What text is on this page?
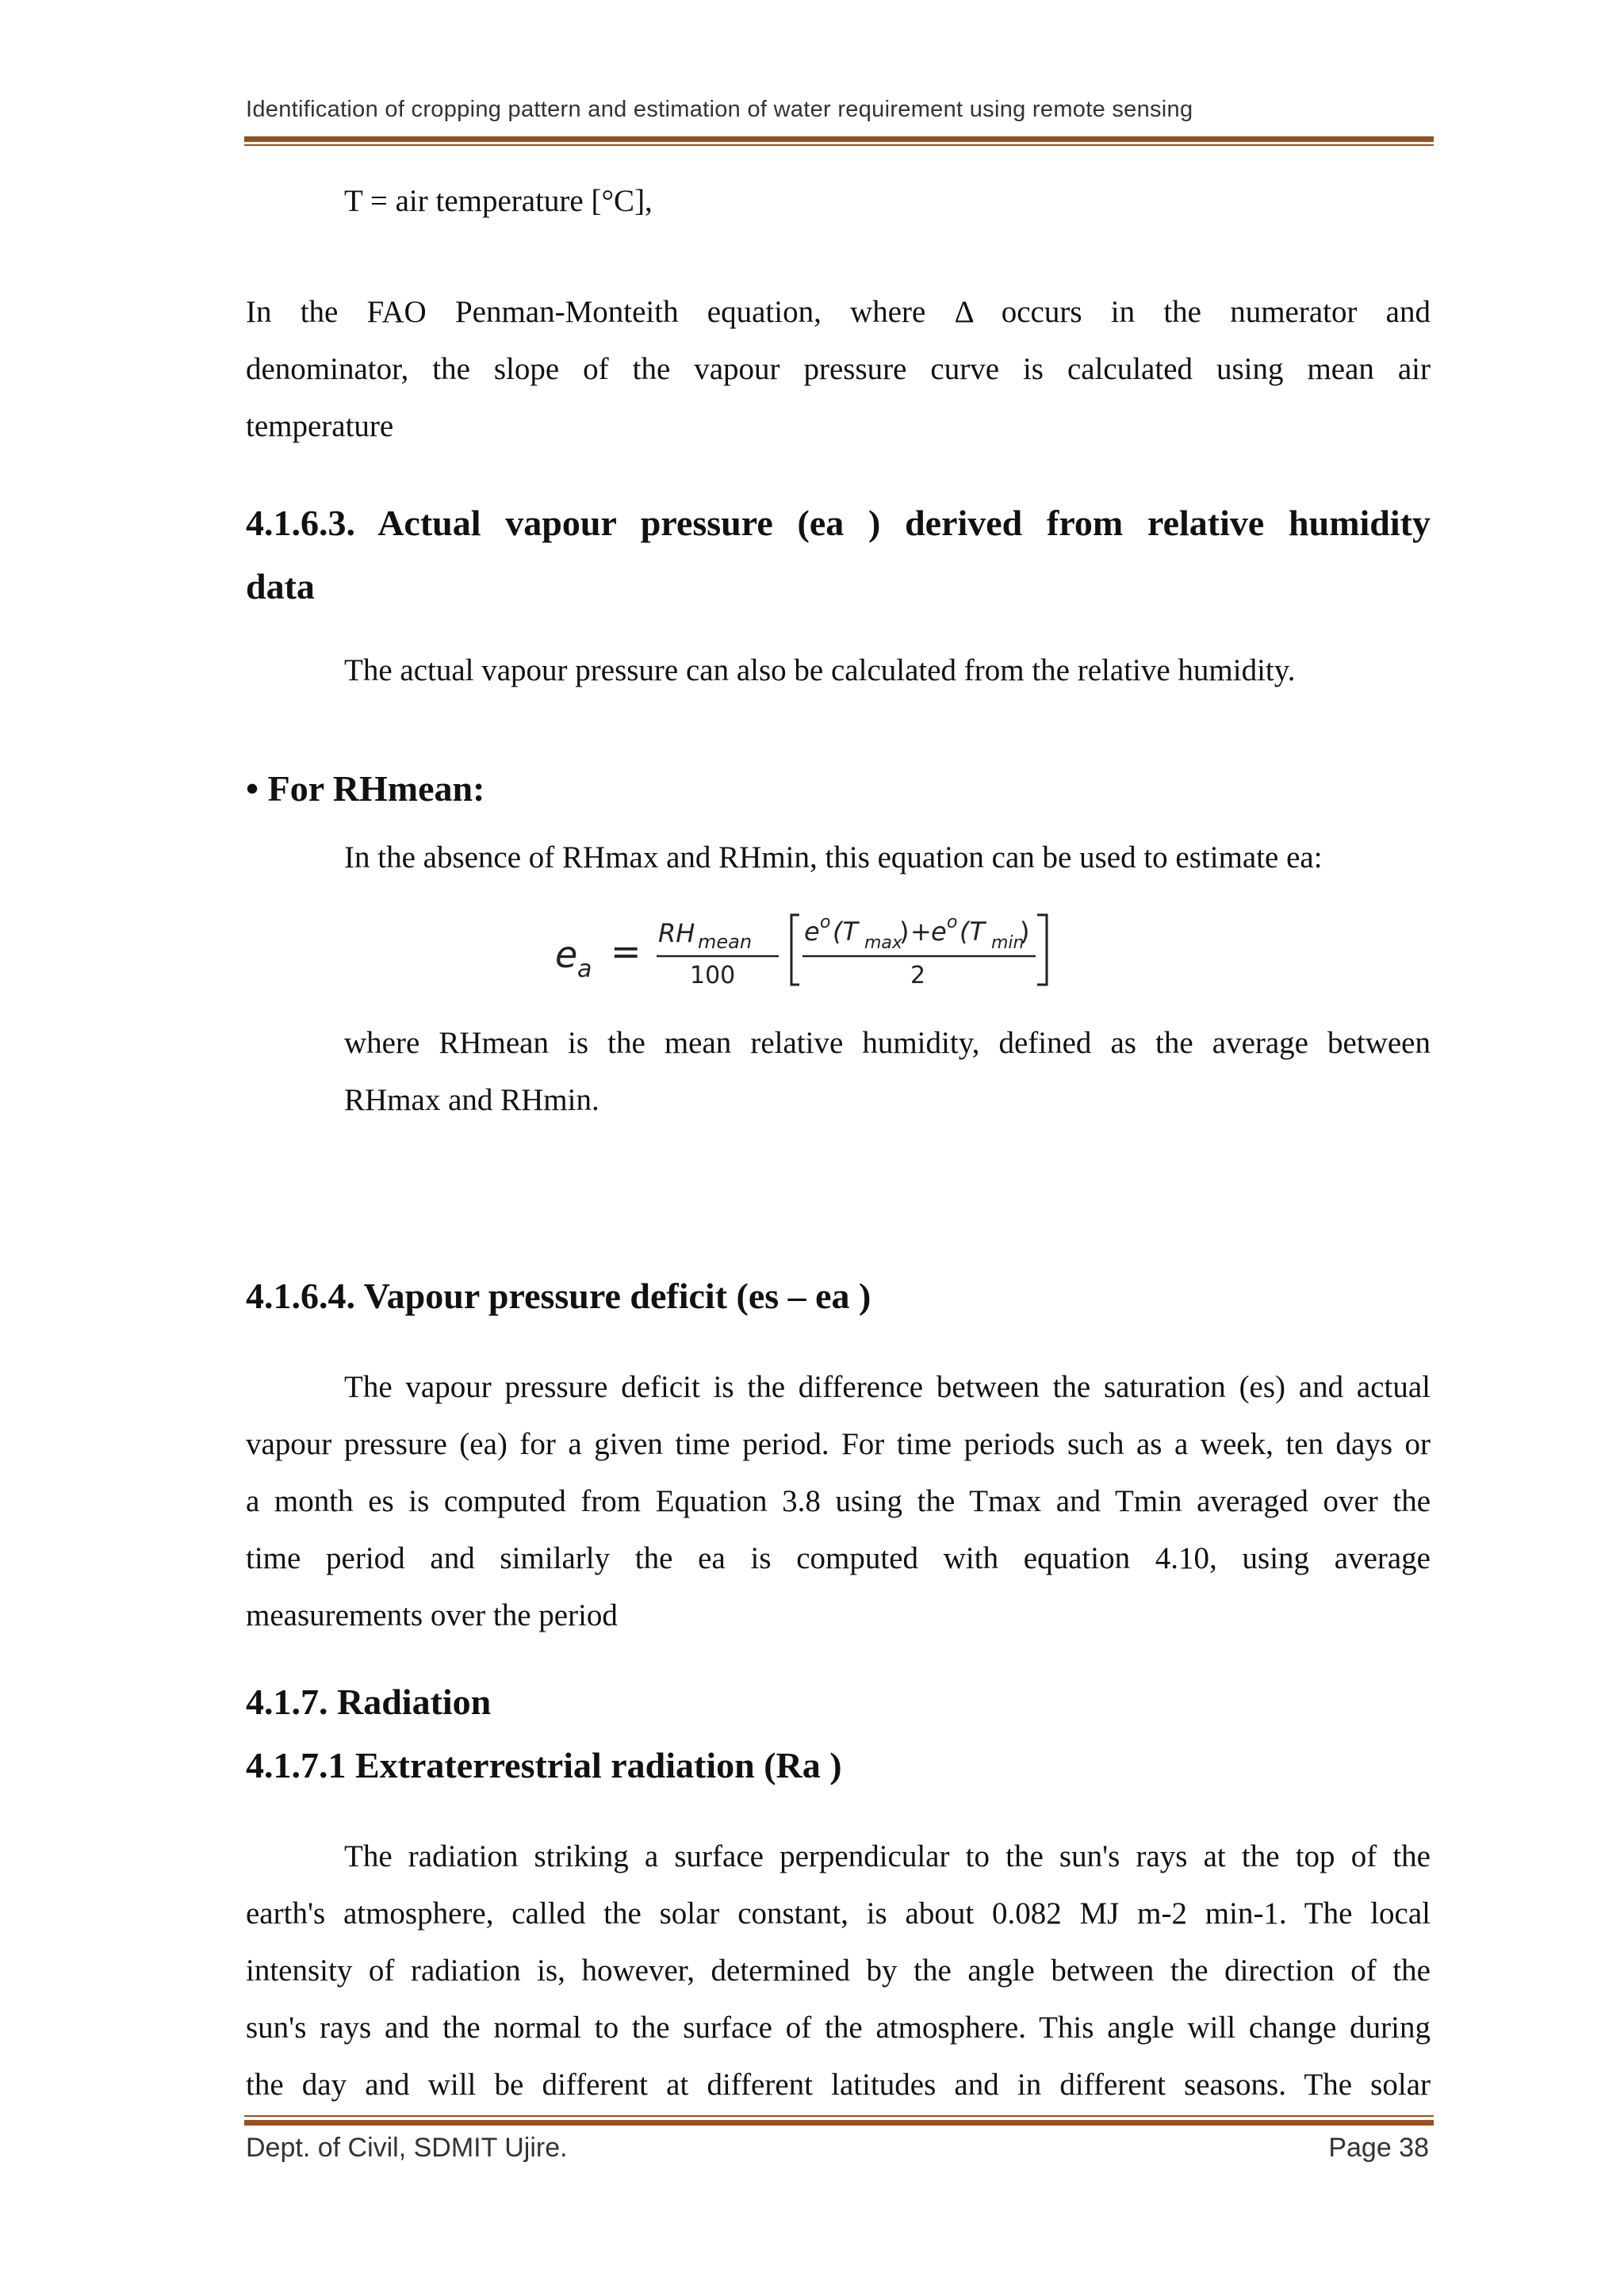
Identification of cropping pattern and estimation of water requirement using remote sensing
T = air temperature [°C],
In the FAO Penman-Monteith equation, where Δ occurs in the numerator and
denominator, the slope of the vapour pressure curve is calculated using mean air
temperature
4.1.6.3. Actual vapour pressure (ea ) derived from relative humidity
data
The actual vapour pressure can also be calculated from the relative humidity.
• For RHmean:
In the absence of RHmax and RHmin, this equation can be used to estimate ea:
e a = RH mean
100
e o (T max
) + e o (T min
)
2
where RHmean is the mean relative humidity, defined as the average between
RHmax and RHmin.
4.1.6.4. Vapour pressure deficit (es – ea )
The vapour pressure deficit is the difference between the saturation (es) and actual
vapour pressure (ea) for a given time period. For time periods such as a week, ten days or
a month es is computed from Equation 3.8 using the Tmax and Tmin averaged over the
time period and similarly the ea is computed with equation 4.10, using average
measurements over the period
4.1.7. Radiation
4.1.7.1 Extraterrestrial radiation (Ra )
The radiation striking a surface perpendicular to the sun's rays at the top of the
earth's atmosphere, called the solar constant, is about 0.082 MJ m-2 min-1. The local
intensity of radiation is, however, determined by the angle between the direction of the
sun's rays and the normal to the surface of the atmosphere. This angle will change during
the day and will be different at different latitudes and in different seasons. The solar
Dept. of Civil, SDMIT Ujire.	Page 38
